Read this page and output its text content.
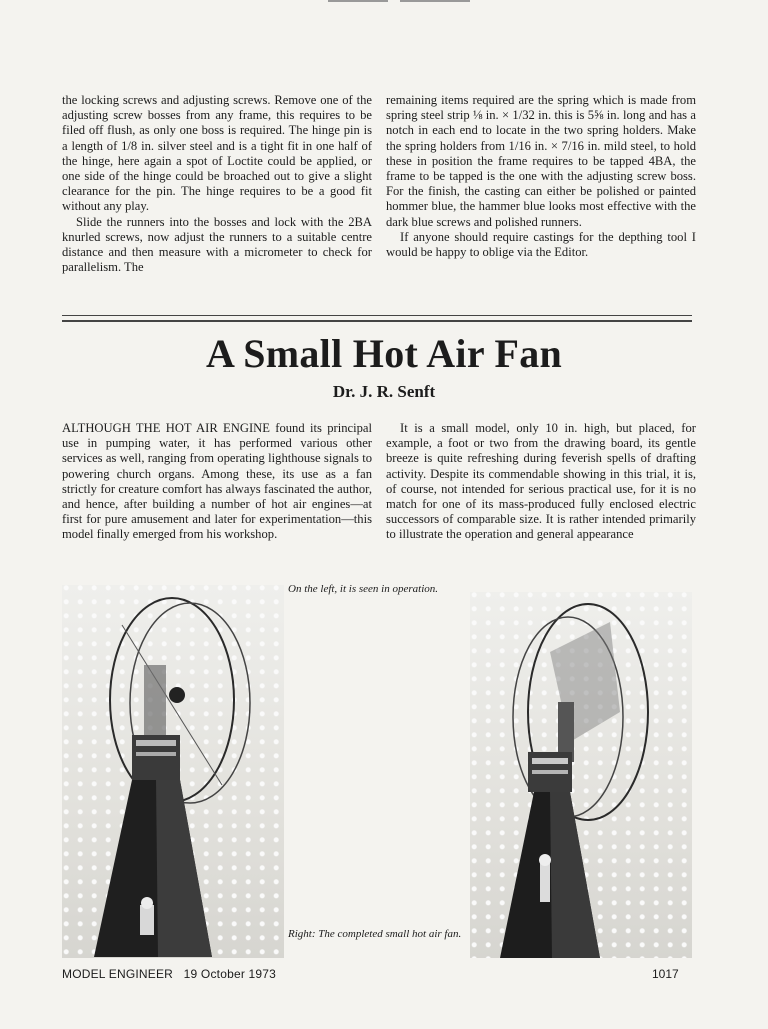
the locking screws and adjusting screws. Remove one of the adjusting screw bosses from any frame, this requires to be filed off flush, as only one boss is required. The hinge pin is a length of 1/8 in. silver steel and is a tight fit in one half of the hinge, here again a spot of Loctite could be applied, or one side of the hinge could be broached out to give a slight clearance for the pin. The hinge requires to be a good fit without any play.

Slide the runners into the bosses and lock with the 2BA knurled screws, now adjust the runners to a suitable centre distance and then measure with a micrometer to check for parallelism. The

remaining items required are the spring which is made from spring steel strip ⅛ in. × 1/32 in. this is 5⅝ in. long and has a notch in each end to locate in the two spring holders. Make the spring holders from 1/16 in. × 7/16 in. mild steel, to hold these in position the frame requires to be tapped 4BA, the frame to be tapped is the one with the adjusting screw boss. For the finish, the casting can either be polished or painted hommer blue, the hammer blue looks most effective with the dark blue screws and polished runners.

If anyone should require castings for the depthing tool I would be happy to oblige via the Editor.

A Small Hot Air Fan
Dr. J. R. Senft

ALTHOUGH THE HOT AIR ENGINE found its principal use in pumping water, it has performed various other services as well, ranging from operating lighthouse signals to powering church organs. Among these, its use as a fan strictly for creature comfort has always fascinated the author, and hence, after building a number of hot air engines—at first for pure amusement and later for experimentation—this model finally emerged from his workshop.

It is a small model, only 10 in. high, but placed, for example, a foot or two from the drawing board, its gentle breeze is quite refreshing during feverish spells of drafting activity. Despite its commendable showing in this trial, it is, of course, not intended for serious practical use, for it is no match for one of its mass-produced fully enclosed electric successors of comparable size. It is rather intended primarily to illustrate the operation and general appearance

On the left, it is seen in operation.

Right: The completed small hot air fan.

MODEL ENGINEER   19 October 1973	1017
